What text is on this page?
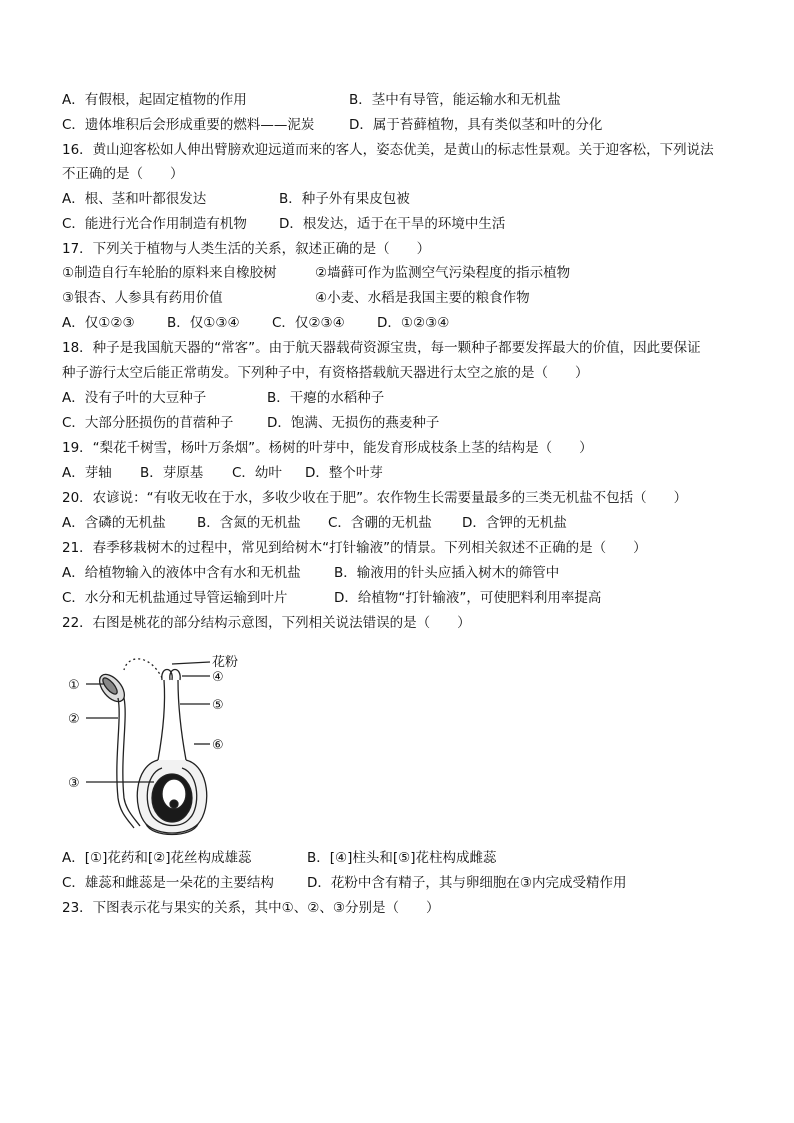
A．有假根，起固定植物的作用	B．茎中有导管，能运输水和无机盐
C．遗体堆积后会形成重要的燃料——泥炭	D．属于苔藓植物，具有类似茎和叶的分化
16．黄山迎客松如人伸出臂膀欢迎远道而来的客人，姿态优美，是黄山的标志性景观。关于迎客松，下列说法
不正确的是（　　）
A．根、茎和叶都很发达	B．种子外有果皮包被
C．能进行光合作用制造有机物 D．根发达，适于在干旱的环境中生活
17．下列关于植物与人类生活的关系，叙述正确的是（　　）
①制造自行车轮胎的原料来自橡胶树	②墙藓可作为监测空气污染程度的指示植物
③银杏、人参具有药用价值	④小麦、水稻是我国主要的粮食作物
A．仅①②③ B．仅①③④ C．仅②③④ D．①②③④
18．种子是我国航天器的“常客”。由于航天器载荷资源宝贵，每一颗种子都要发挥最大的价值，因此要保证
种子游行太空后能正常萌发。下列种子中，有资格搭载航天器进行太空之旅的是（　　）
A．没有子叶的大豆种子	B．干瘪的水稻种子
C．大部分胚损伤的苜蓿种子 D．饱满、无损伤的燕麦种子
19．“梨花千树雪，杨叶万条烟”。杨树的叶芽中，能发育形成枝条上茎的结构是（　　）
A．芽轴 B．芽原基 C．幼叶 D．整个叶芽
20．农谚说：“有收无收在于水，多收少收在于肥”。农作物生长需要量最多的三类无机盐不包括（　　）
A．含磷的无机盐 B．含氮的无机盐 C．含硼的无机盐 D．含钾的无机盐
21．春季移栽树木的过程中，常见到给树木“打针输液”的情景。下列相关叙述不正确的是（　　）
A．给植物输入的液体中含有水和无机盐 B．输液用的针头应插入树木的筛管中
C．水分和无机盐通过导管运输到叶片	D．给植物“打针输液”，可使肥料利用率提高
22．右图是桃花的部分结构示意图，下列相关说法错误的是（　　）
①
②
③
④
⑤
⑥
花粉
A．[①]花药和[②]花丝构成雄蕊	B．[④]柱头和[⑤]花柱构成雌蕊
C．雄蕊和雌蕊是一朵花的主要结构 D．花粉中含有精子，其与卵细胞在③内完成受精作用
23．下图表示花与果实的关系，其中①、②、③分别是（　　）
